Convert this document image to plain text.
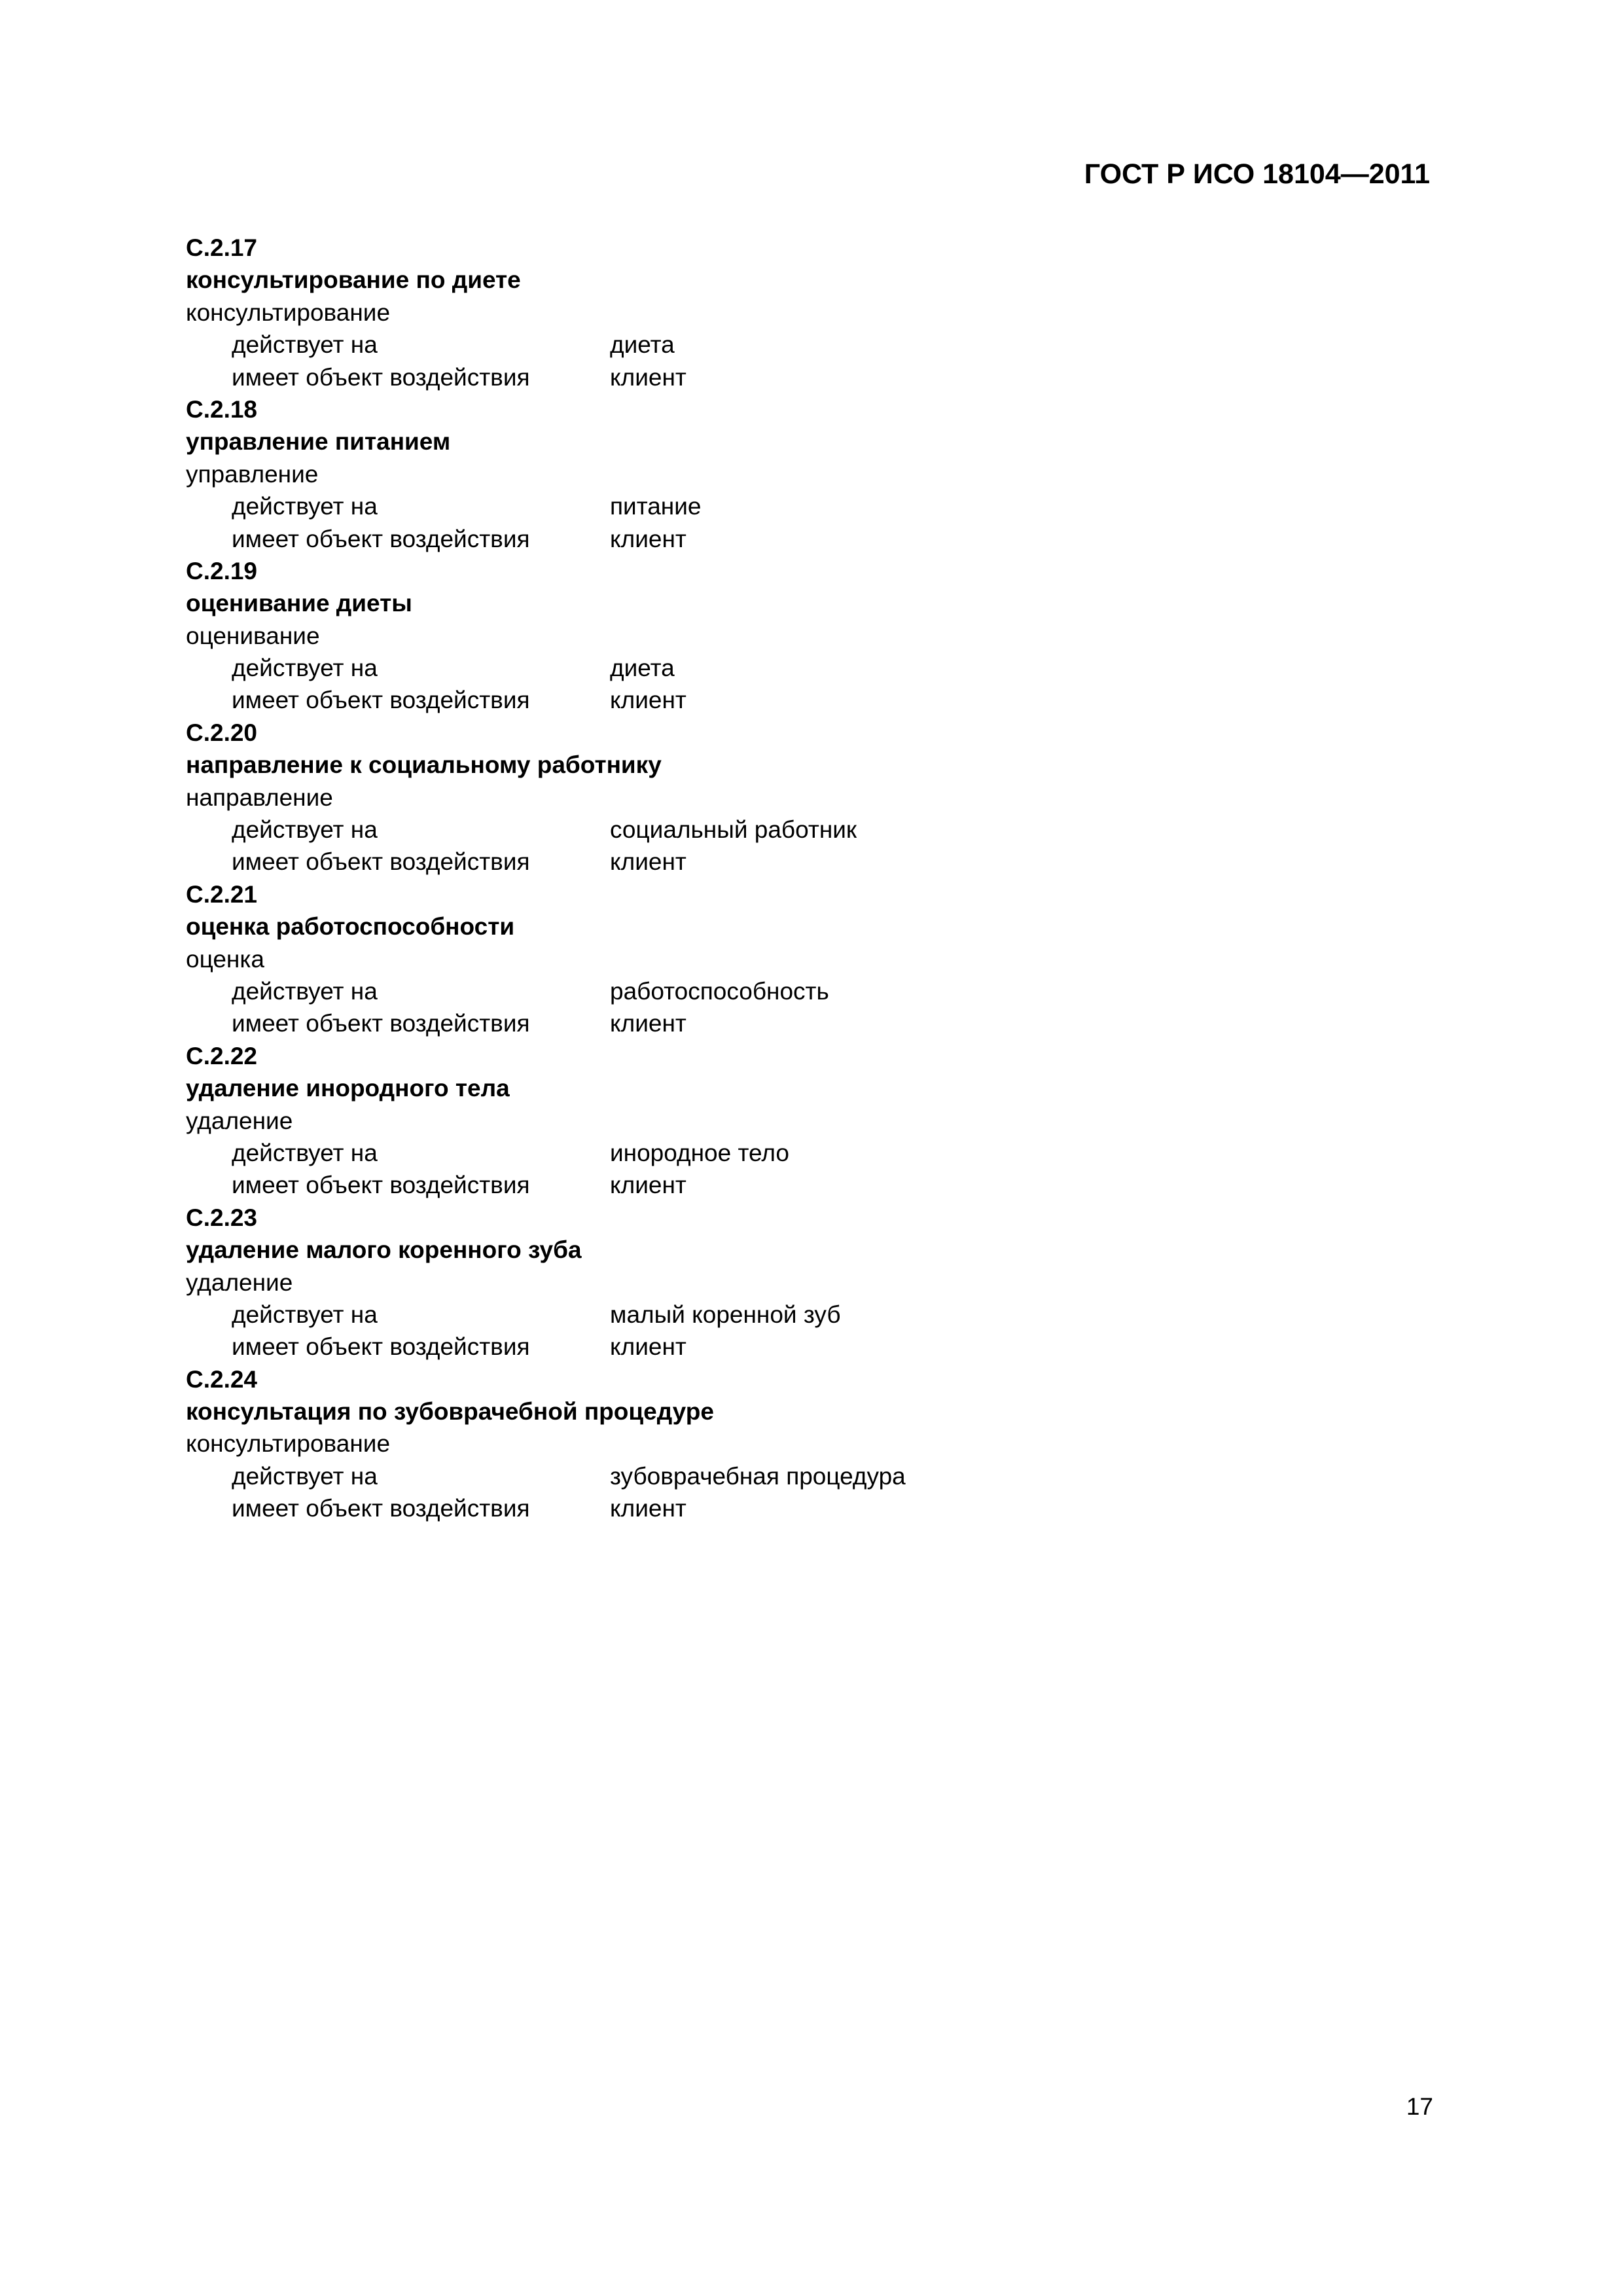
ГОСТ Р ИСО 18104—2011
С.2.17
консультирование по диете
консультирование
действует на	диета
имеет объект воздействия	клиент
С.2.18
управление питанием
управление
действует на	питание
имеет объект воздействия	клиент
С.2.19
оценивание диеты
оценивание
действует на	диета
имеет объект воздействия	клиент
С.2.20
направление к социальному работнику
направление
действует на	социальный работник
имеет объект воздействия	клиент
С.2.21
оценка работоспособности
оценка
действует на	работоспособность
имеет объект воздействия	клиент
С.2.22
удаление инородного тела
удаление
действует на	инородное тело
имеет объект воздействия	клиент
С.2.23
удаление малого коренного зуба
удаление
действует на	малый коренной зуб
имеет объект воздействия	клиент
С.2.24
консультация по зубоврачебной процедуре
консультирование
действует на	зубоврачебная процедура
имеет объект воздействия	клиент
17
